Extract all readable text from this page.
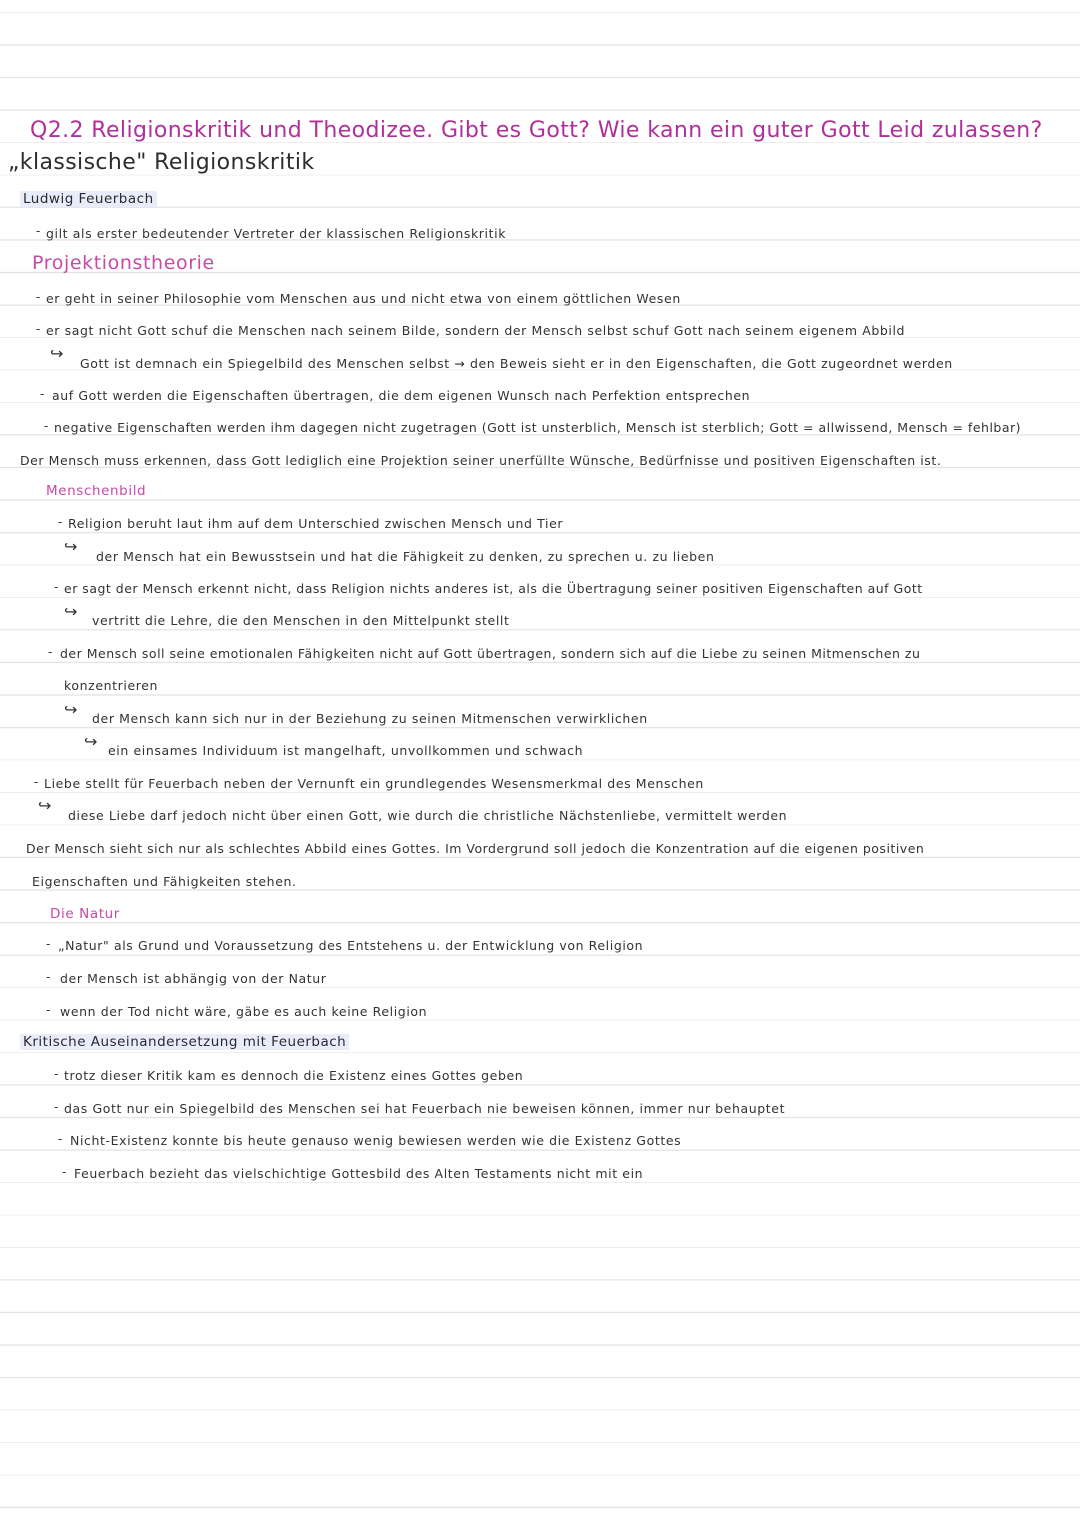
Q2.2 Religionskritik und Theodizee. Gibt es Gott? Wie kann ein guter Gott Leid zulassen?
„klassische" Religionskritik
Ludwig Feuerbach
- gilt als erster bedeutender Vertreter der klassischen Religionskritik
Projektionstheorie
- er geht in seiner Philosophie vom Menschen aus und nicht etwa von einem göttlichen Wesen
- er sagt nicht Gott schuf die Menschen nach seinem Bilde, sondern der Mensch selbst schuf Gott nach seinem eigenem Abbild
↪
Gott ist demnach ein Spiegelbild des Menschen selbst → den Beweis sieht er in den Eigenschaften, die Gott zugeordnet werden
- auf Gott werden die Eigenschaften übertragen, die dem eigenen Wunsch nach Perfektion entsprechen
- negative Eigenschaften werden ihm dagegen nicht zugetragen (Gott ist unsterblich, Mensch ist sterblich; Gott = allwissend, Mensch = fehlbar)
Der Mensch muss erkennen, dass Gott lediglich eine Projektion seiner unerfüllte Wünsche, Bedürfnisse und positiven Eigenschaften ist.
Menschenbild
- Religion beruht laut ihm auf dem Unterschied zwischen Mensch und Tier
↪
der Mensch hat ein Bewusstsein und hat die Fähigkeit zu denken, zu sprechen u. zu lieben
- er sagt der Mensch erkennt nicht, dass Religion nichts anderes ist, als die Übertragung seiner positiven Eigenschaften auf Gott
↪ vertritt die Lehre, die den Menschen in den Mittelpunkt stellt
- der Mensch soll seine emotionalen Fähigkeiten nicht auf Gott übertragen, sondern sich auf die Liebe zu seinen Mitmenschen zu
konzentrieren
↪ der Mensch kann sich nur in der Beziehung zu seinen Mitmenschen verwirklichen
↪ ein einsames Individuum ist mangelhaft, unvollkommen und schwach
- Liebe stellt für Feuerbach neben der Vernunft ein grundlegendes Wesensmerkmal des Menschen
↪
diese Liebe darf jedoch nicht über einen Gott, wie durch die christliche Nächstenliebe, vermittelt werden
Der Mensch sieht sich nur als schlechtes Abbild eines Gottes. Im Vordergrund soll jedoch die Konzentration auf die eigenen positiven
Eigenschaften und Fähigkeiten stehen.
Die Natur
- „Natur" als Grund und Voraussetzung des Entstehens u. der Entwicklung von Religion
- der Mensch ist abhängig von der Natur
- wenn der Tod nicht wäre, gäbe es auch keine Religion
Kritische Auseinandersetzung mit Feuerbach
- trotz dieser Kritik kam es dennoch die Existenz eines Gottes geben
- das Gott nur ein Spiegelbild des Menschen sei hat Feuerbach nie beweisen können, immer nur behauptet
- Nicht-Existenz konnte bis heute genauso wenig bewiesen werden wie die Existenz Gottes
- Feuerbach bezieht das vielschichtige Gottesbild des Alten Testaments nicht mit ein
